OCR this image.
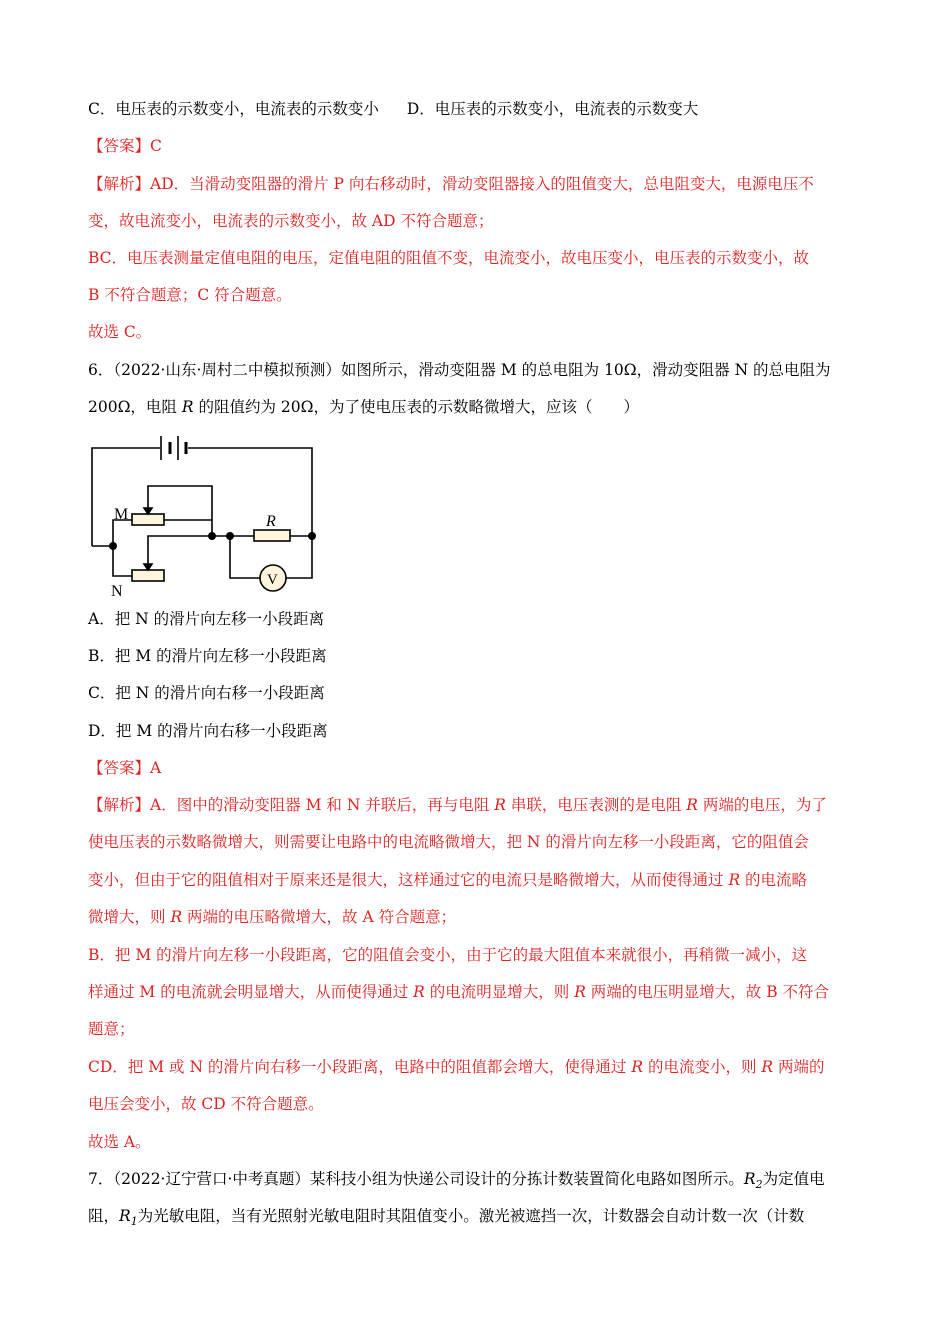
C．电压表的示数变小，电流表的示数变小 D．电压表的示数变小，电流表的示数变大
【答案】C
【解析】AD．当滑动变阻器的滑片 P 向右移动时，滑动变阻器接入的阻值变大，总电阻变大，电源电压不
变，故电流变小，电流表的示数变小，故 AD 不符合题意；
BC．电压表测量定值电阻的电压，定值电阻的阻值不变，电流变小，故电压变小，电压表的示数变小，故
B 不符合题意；C 符合题意。
故选 C。
6．（2022·山东·周村二中模拟预测）如图所示，滑动变阻器 M 的总电阻为 10Ω，滑动变阻器 N 的总电阻为
200Ω，电阻 R 的阻值约为 20Ω，为了使电压表的示数略微增大，应该（　　）
M
N
R
V
A．把 N 的滑片向左移一小段距离
B．把 M 的滑片向左移一小段距离
C．把 N 的滑片向右移一小段距离
D．把 M 的滑片向右移一小段距离
【答案】A
【解析】A．图中的滑动变阻器 M 和 N 并联后，再与电阻 R 串联，电压表测的是电阻 R 两端的电压，为了
使电压表的示数略微增大，则需要让电路中的电流略微增大，把 N 的滑片向左移一小段距离，它的阻值会
变小，但由于它的阻值相对于原来还是很大，这样通过它的电流只是略微增大，从而使得通过 R 的电流略
微增大，则 R 两端的电压略微增大，故 A 符合题意；
B．把 M 的滑片向左移一小段距离，它的阻值会变小，由于它的最大阻值本来就很小，再稍微一减小，这
样通过 M 的电流就会明显增大，从而使得通过 R 的电流明显增大，则 R 两端的电压明显增大，故 B 不符合
题意；
CD．把 M 或 N 的滑片向右移一小段距离，电路中的阻值都会增大，使得通过 R 的电流变小，则 R 两端的
电压会变小，故 CD 不符合题意。
故选 A。
7．（2022·辽宁营口·中考真题）某科技小组为快递公司设计的分拣计数装置简化电路如图所示。$R_2$为定值电
阻，$R_1$为光敏电阻，当有光照射光敏电阻时其阻值变小。激光被遮挡一次，计数器会自动计数一次（计数
